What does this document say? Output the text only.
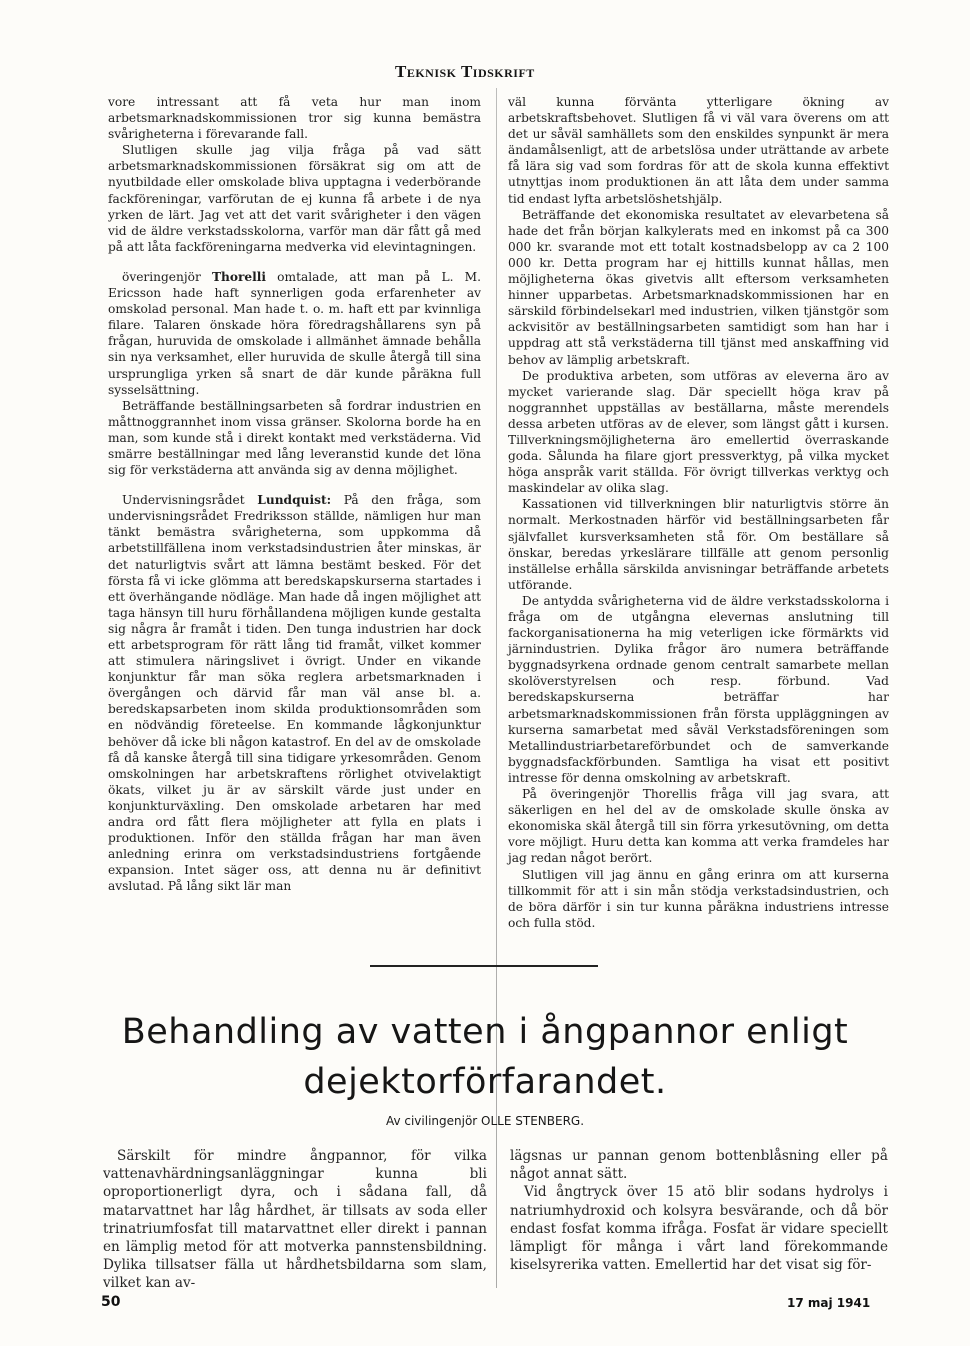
Teknisk Tidskrift

vore intressant att få veta hur man inom arbetsmarknadskommissionen tror sig kunna bemästra svårigheterna i förevarande fall.

Slutligen skulle jag vilja fråga på vad sätt arbetsmarknadskommissionen försäkrat sig om att de nyutbildade eller omskolade bliva upptagna i vederbörande fackföreningar, varförutan de ej kunna få arbete i de nya yrken de lärt. Jag vet att det varit svårigheter i den vägen vid de äldre verkstadsskolorna, varför man där fått gå med på att låta fackföreningarna medverka vid elevintagningen.

överingenjör Thorelli omtalade, att man på L. M. Ericsson hade haft synnerligen goda erfarenheter av omskolad personal. Man hade t. o. m. haft ett par kvinnliga filare. Talaren önskade höra föredragshållarens syn på frågan, huruvida de omskolade i allmänhet ämnade behålla sin nya verksamhet, eller huruvida de skulle återgå till sina ursprungliga yrken så snart de där kunde påräkna full sysselsättning.

Beträffande beställningsarbeten så fordrar industrien en måttnoggrannhet inom vissa gränser. Skolorna borde ha en man, som kunde stå i direkt kontakt med verkstäderna. Vid smärre beställningar med lång leveranstid kunde det löna sig för verkstäderna att använda sig av denna möjlighet.

Undervisningsrådet Lundquist: På den fråga, som undervisningsrådet Fredriksson ställde, nämligen hur man tänkt bemästra svårigheterna, som uppkomma då arbetstillfällena inom verkstadsindustrien åter minskas, är det naturligtvis svårt att lämna bestämt besked. För det första få vi icke glömma att beredskapskurserna startades i ett överhängande nödläge. Man hade då ingen möjlighet att taga hänsyn till huru förhållandena möjligen kunde gestalta sig några år framåt i tiden. Den tunga industrien har dock ett arbetsprogram för rätt lång tid framåt, vilket kommer att stimulera näringslivet i övrigt. Under en vikande konjunktur får man söka reglera arbetsmarknaden i övergången och därvid får man väl anse bl. a. beredskapsarbeten inom skilda produktionsområden som en nödvändig företeelse. En kommande lågkonjunktur behöver då icke bli någon katastrof. En del av de omskolade få då kanske återgå till sina tidigare yrkesområden. Genom omskolningen har arbetskraftens rörlighet otvivelaktigt ökats, vilket ju är av särskilt värde just under en konjunkturväxling. Den omskolade arbetaren har med andra ord fått flera möjligheter att fylla en plats i produktionen. Inför den ställda frågan har man även anledning erinra om verkstadsindustriens fortgående expansion. Intet säger oss, att denna nu är definitivt avslutad. På lång sikt lär man

väl kunna förvänta ytterligare ökning av arbetskraftsbehovet. Slutligen få vi väl vara överens om att det ur såväl samhällets som den enskildes synpunkt är mera ändamålsenligt, att de arbetslösa under uträttande av arbete få lära sig vad som fordras för att de skola kunna effektivt utnyttjas inom produktionen än att låta dem under samma tid endast lyfta arbetslöshetshjälp.

Beträffande det ekonomiska resultatet av elevarbetena så hade det från början kalkylerats med en inkomst på ca 300 000 kr. svarande mot ett totalt kostnadsbelopp av ca 2 100 000 kr. Detta program har ej hittills kunnat hållas, men möjligheterna ökas givetvis allt eftersom verksamheten hinner upparbetas. Arbetsmarknadskommissionen har en särskild förbindelsekarl med industrien, vilken tjänstgör som ackvisitör av beställningsarbeten samtidigt som han har i uppdrag att stå verkstäderna till tjänst med anskaffning vid behov av lämplig arbetskraft.

De produktiva arbeten, som utföras av eleverna äro av mycket varierande slag. Där speciellt höga krav på noggrannhet uppställas av beställarna, måste merendels dessa arbeten utföras av de elever, som längst gått i kursen. Tillverkningsmöjligheterna äro emellertid överraskande goda. Sålunda ha filare gjort pressverktyg, på vilka mycket höga anspråk varit ställda. För övrigt tillverkas verktyg och maskindelar av olika slag.

Kassationen vid tillverkningen blir naturligtvis större än normalt. Merkostnaden härför vid beställningsarbeten får självfallet kursverksamheten stå för. Om beställare så önskar, beredas yrkeslärare tillfälle att genom personlig inställelse erhålla särskilda anvisningar beträffande arbetets utförande.

De antydda svårigheterna vid de äldre verkstadsskolorna i fråga om de utgångna elevernas anslutning till fackorganisationerna ha mig veterligen icke förmärkts vid järnindustrien. Dylika frågor äro numera beträffande byggnadsyrkena ordnade genom centralt samarbete mellan skolöverstyrelsen och resp. förbund. Vad beredskapskurserna beträffar har arbetsmarknadskommissionen från första uppläggningen av kurserna samarbetat med såväl Verkstadsföreningen som Metallindustriarbetareförbundet och de samverkande byggnadsfackförbunden. Samtliga ha visat ett positivt intresse för denna omskolning av arbetskraft.

På överingenjör Thorellis fråga vill jag svara, att säkerligen en hel del av de omskolade skulle önska av ekonomiska skäl återgå till sin förra yrkesutövning, om detta vore möjligt. Huru detta kan komma att verka framdeles har jag redan något berört.

Slutligen vill jag ännu en gång erinra om att kurserna tillkommit för att i sin mån stödja verkstadsindustrien, och de böra därför i sin tur kunna påräkna industriens intresse och fulla stöd.

Behandling av vatten i ångpannor enligt
dejektorförfarandet.
Av civilingenjör OLLE STENBERG.

Särskilt för mindre ångpannor, för vilka vattenavhärdningsanläggningar kunna bli oproportionerligt dyra, och i sådana fall, då matarvattnet har låg hårdhet, är tillsats av soda eller trinatriumfosfat till matarvattnet eller direkt i pannan en lämplig metod för att motverka pannstensbildning. Dylika tillsatser fälla ut hårdhetsbildarna som slam, vilket kan av-

lägsnas ur pannan genom bottenblåsning eller på något annat sätt.

Vid ångtryck över 15 atö blir sodans hydrolys i natriumhydroxid och kolsyra besvärande, och då bör endast fosfat komma ifråga. Fosfat är vidare speciellt lämpligt för många i vårt land förekommande kiselsyrerika vatten. Emellertid har det visat sig för-

50	17 maj 1941
